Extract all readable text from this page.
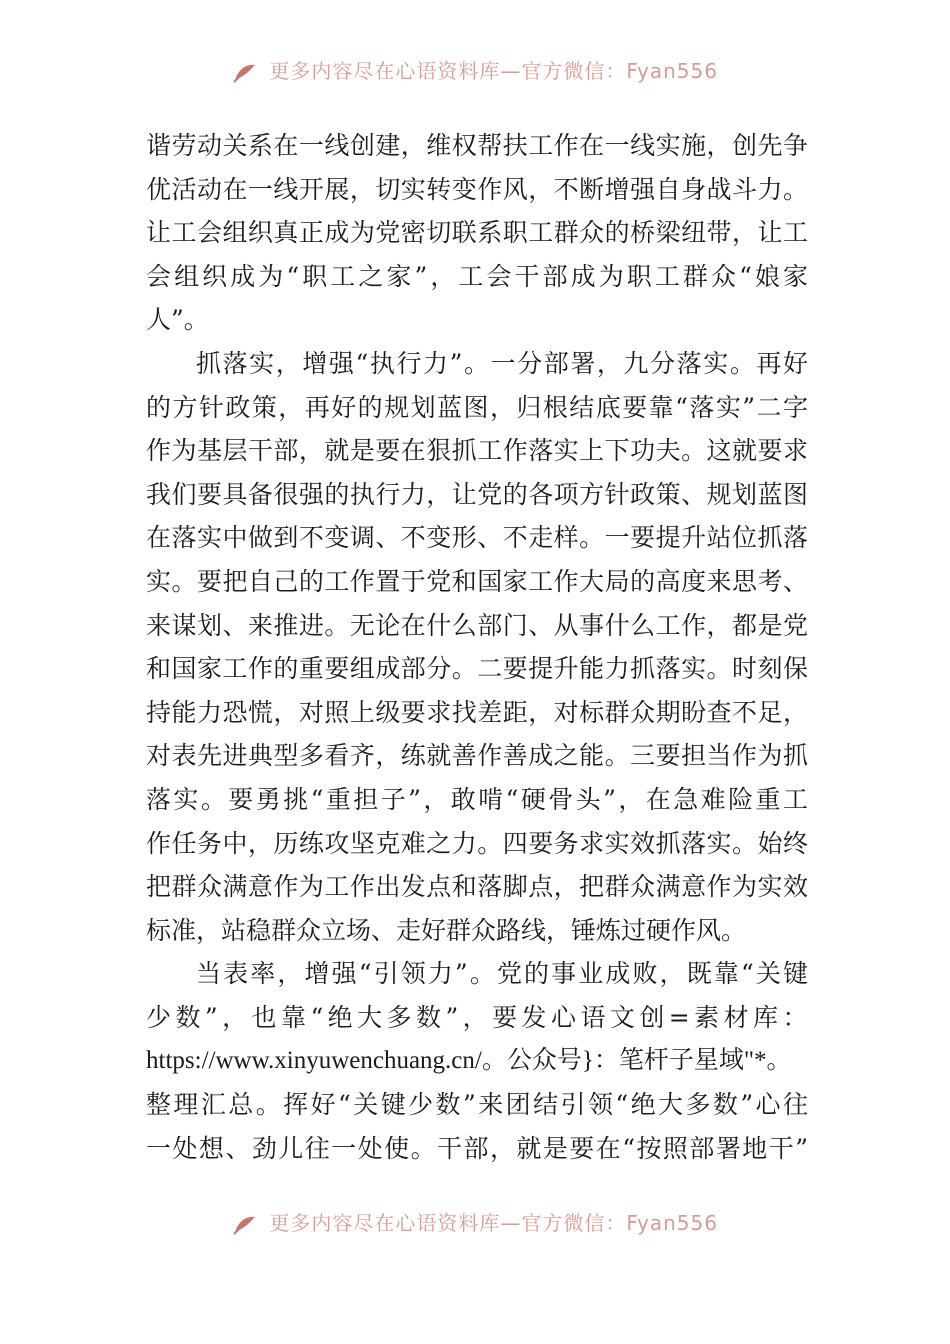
更多内容尽在心语资料库—官方微信：Fyan556
谐劳动关系在一线创建，维权帮扶工作在一线实施，创先争
优活动在一线开展，切实转变作风，不断增强自身战斗力。
让工会组织真正成为党密切联系职工群众的桥梁纽带，让工
会组织成为“职工之家”，工会干部成为职工群众“娘家
人”。
抓落实，增强“执行力”。一分部署，九分落实。再好
的方针政策，再好的规划蓝图，归根结底要靠“落实”二字
作为基层干部，就是要在狠抓工作落实上下功夫。这就要求
我们要具备很强的执行力，让党的各项方针政策、规划蓝图
在落实中做到不变调、不变形、不走样。一要提升站位抓落
实。要把自己的工作置于党和国家工作大局的高度来思考、
来谋划、来推进。无论在什么部门、从事什么工作，都是党
和国家工作的重要组成部分。二要提升能力抓落实。时刻保
持能力恐慌，对照上级要求找差距，对标群众期盼查不足，
对表先进典型多看齐，练就善作善成之能。三要担当作为抓
落实。要勇挑“重担子”，敢啃“硬骨头”，在急难险重工
作任务中，历练攻坚克难之力。四要务求实效抓落实。始终
把群众满意作为工作出发点和落脚点，把群众满意作为实效
标准，站稳群众立场、走好群众路线，锤炼过硬作风。
当表率，增强“引领力”。党的事业成败，既靠“关键
少数”，也靠“绝大多数”，要发心语文创=素材库：
https://www.xinyuwenchuang.cn/。公众号}：笔杆子星域"*。
整理汇总。挥好“关键少数”来团结引领“绝大多数”心往
一处想、劲儿往一处使。干部，就是要在“按照部署地干”
更多内容尽在心语资料库—官方微信：Fyan556
